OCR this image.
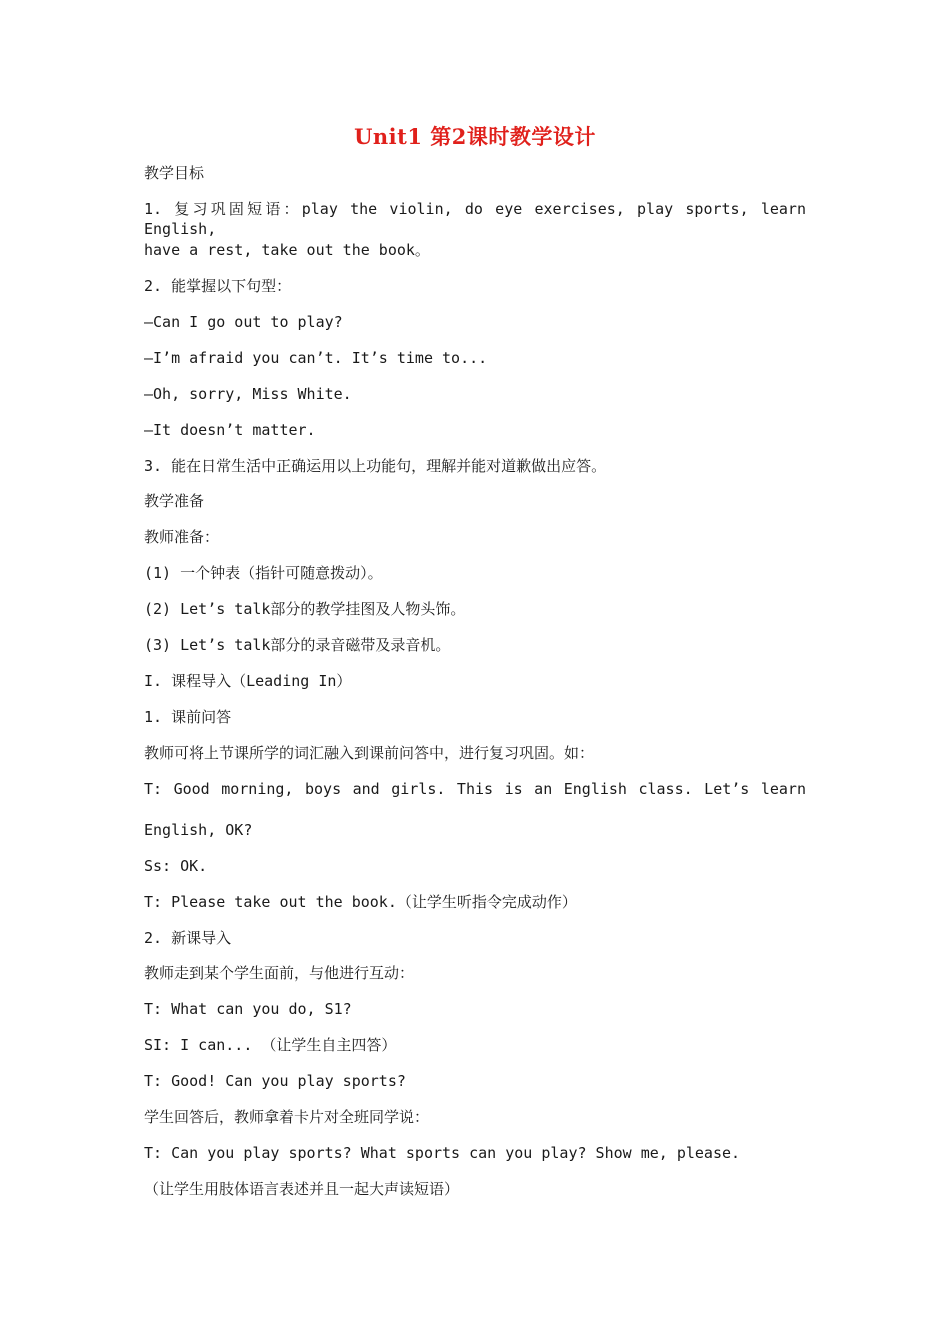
Unit1 第2课时教学设计
教学目标
1. 复习巩固短语：play the violin, do eye exercises, play sports, learn English,
have a rest, take out the book。
2. 能掌握以下句型：
—Can I go out to play?
—I’m afraid you can’t. It’s time to...
—Oh, sorry, Miss White.
—It doesn’t matter.
3. 能在日常生活中正确运用以上功能句，理解并能对道歉做出应答。
教学准备
教师准备：
(1) 一个钟表（指针可随意拨动）。
(2) Let’s talk部分的教学挂图及人物头饰。
(3) Let’s talk部分的录音磁带及录音机。
I. 课程导入（Leading In）
1. 课前问答
教师可将上节课所学的词汇融入到课前问答中，进行复习巩固。如：
T: Good morning, boys and girls. This is an English class. Let’s learn
English, OK?
Ss: OK.
T: Please take out the book.（让学生听指令完成动作）
2. 新课导入
教师走到某个学生面前，与他进行互动：
T: What can you do, S1?
SI: I can... （让学生自主四答）
T: Good! Can you play sports?
学生回答后，教师拿着卡片对全班同学说：
T: Can you play sports? What sports can you play? Show me, please.
（让学生用肢体语言表述并且一起大声读短语）
